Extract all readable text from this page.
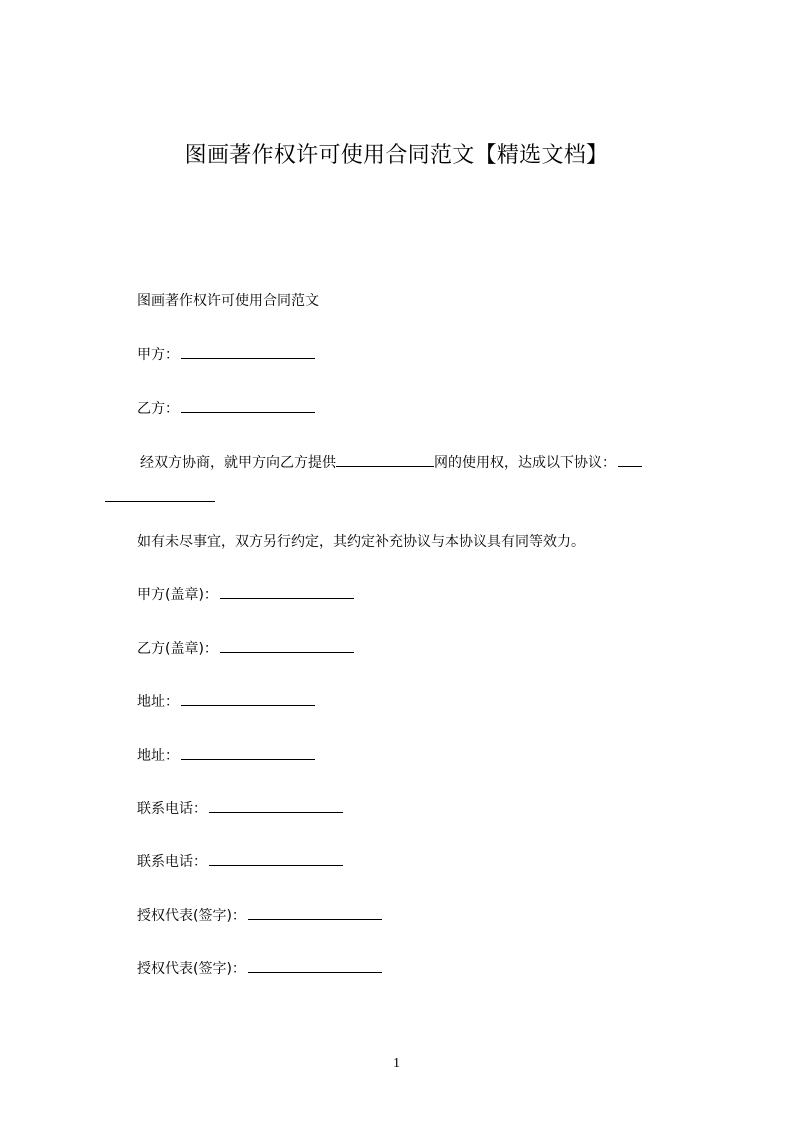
图画著作权许可使用合同范文【精选文档】
图画著作权许可使用合同范文
甲方：
乙方：
经双方协商，就甲方向乙方提供	网的使用权，达成以下协议：
如有未尽事宜，双方另行约定，其约定补充协议与本协议具有同等效力。
甲方(盖章)：
乙方(盖章)：
地址：
地址：
联系电话：
联系电话：
授权代表(签字)：
授权代表(签字)：
1
